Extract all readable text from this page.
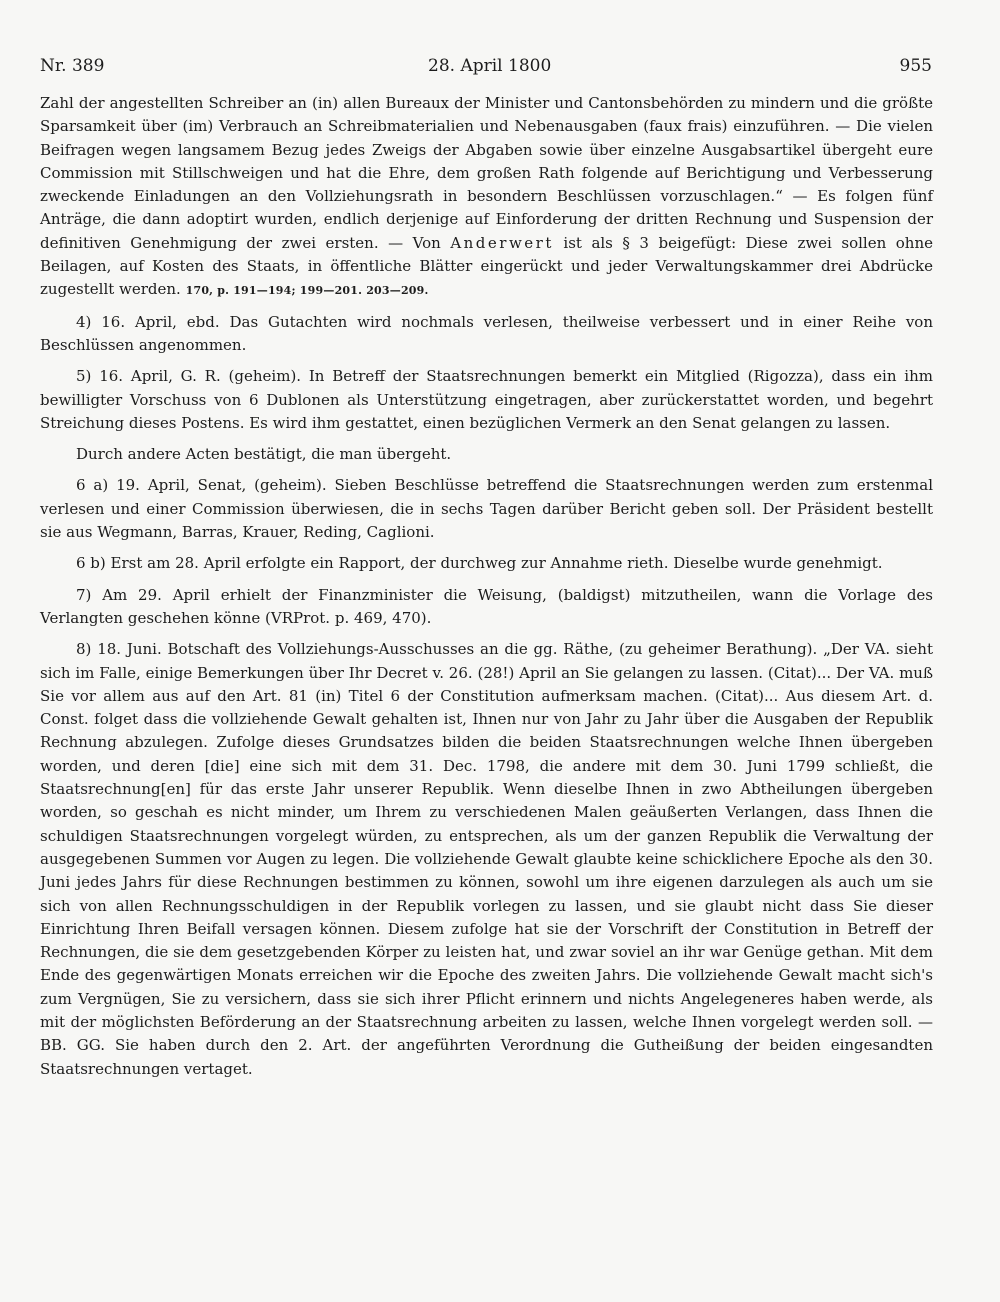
Nr. 389	28. April 1800	955

Zahl der angestellten Schreiber an (in) allen Bureaux der Minister und Cantonsbehörden zu mindern und die größte Sparsamkeit über (im) Verbrauch an Schreibmaterialien und Nebenausgaben (faux frais) einzuführen. — Die vielen Beifragen wegen langsamem Bezug jedes Zweigs der Abgaben sowie über einzelne Ausgabsartikel übergeht eure Commission mit Stillschweigen und hat die Ehre, dem großen Rath folgende auf Berichtigung und Verbesserung zweckende Einladungen an den Vollziehungsrath in besondern Beschlüssen vorzuschlagen.“ — Es folgen fünf Anträge, die dann adoptirt wurden, endlich derjenige auf Einforderung der dritten Rechnung und Suspension der definitiven Genehmigung der zwei ersten. — Von Anderwert ist als § 3 beigefügt: Diese zwei sollen ohne Beilagen, auf Kosten des Staats, in öffentliche Blätter eingerückt und jeder Verwaltungskammer drei Abdrücke zugestellt werden. 170, p. 191—194; 199—201. 203—209.

4) 16. April, ebd. Das Gutachten wird nochmals verlesen, theilweise verbessert und in einer Reihe von Beschlüssen angenommen.

5) 16. April, G. R. (geheim). In Betreff der Staatsrechnungen bemerkt ein Mitglied (Rigozza), dass ein ihm bewilligter Vorschuss von 6 Dublonen als Unterstützung eingetragen, aber zurückerstattet worden, und begehrt Streichung dieses Postens. Es wird ihm gestattet, einen bezüglichen Vermerk an den Senat gelangen zu lassen.

Durch andere Acten bestätigt, die man übergeht.

6 a) 19. April, Senat, (geheim). Sieben Beschlüsse betreffend die Staatsrechnungen werden zum erstenmal verlesen und einer Commission überwiesen, die in sechs Tagen darüber Bericht geben soll. Der Präsident bestellt sie aus Wegmann, Barras, Krauer, Reding, Caglioni.

6 b) Erst am 28. April erfolgte ein Rapport, der durchweg zur Annahme rieth. Dieselbe wurde genehmigt.

7) Am 29. April erhielt der Finanzminister die Weisung, (baldigst) mitzutheilen, wann die Vorlage des Verlangten geschehen könne (VRProt. p. 469, 470).

8) 18. Juni. Botschaft des Vollziehungs-Ausschusses an die gg. Räthe, (zu geheimer Berathung). „Der VA. sieht sich im Falle, einige Bemerkungen über Ihr Decret v. 26. (28!) April an Sie gelangen zu lassen. (Citat)... Der VA. muß Sie vor allem aus auf den Art. 81 (in) Titel 6 der Constitution aufmerksam machen. (Citat)... Aus diesem Art. d. Const. folget dass die vollziehende Gewalt gehalten ist, Ihnen nur von Jahr zu Jahr über die Ausgaben der Republik Rechnung abzulegen. Zufolge dieses Grundsatzes bilden die beiden Staatsrechnungen welche Ihnen übergeben worden, und deren [die] eine sich mit dem 31. Dec. 1798, die andere mit dem 30. Juni 1799 schließt, die Staatsrechnung[en] für das erste Jahr unserer Republik. Wenn dieselbe Ihnen in zwo Abtheilungen übergeben worden, so geschah es nicht minder, um Ihrem zu verschiedenen Malen geäußerten Verlangen, dass Ihnen die schuldigen Staatsrechnungen vorgelegt würden, zu entsprechen, als um der ganzen Republik die Verwaltung der ausgegebenen Summen vor Augen zu legen. Die vollziehende Gewalt glaubte keine schicklichere Epoche als den 30. Juni jedes Jahrs für diese Rechnungen bestimmen zu können, sowohl um ihre eigenen darzulegen als auch um sie sich von allen Rechnungsschuldigen in der Republik vorlegen zu lassen, und sie glaubt nicht dass Sie dieser Einrichtung Ihren Beifall versagen können. Diesem zufolge hat sie der Vorschrift der Constitution in Betreff der Rechnungen, die sie dem gesetzgebenden Körper zu leisten hat, und zwar soviel an ihr war Genüge gethan. Mit dem Ende des gegenwärtigen Monats erreichen wir die Epoche des zweiten Jahrs. Die vollziehende Gewalt macht sich's zum Vergnügen, Sie zu versichern, dass sie sich ihrer Pflicht erinnern und nichts Angelegeneres haben werde, als mit der möglichsten Beförderung an der Staatsrechnung arbeiten zu lassen, welche Ihnen vorgelegt werden soll. — BB. GG. Sie haben durch den 2. Art. der angeführten Verordnung die Gutheißung der beiden eingesandten Staatsrechnungen vertaget.
